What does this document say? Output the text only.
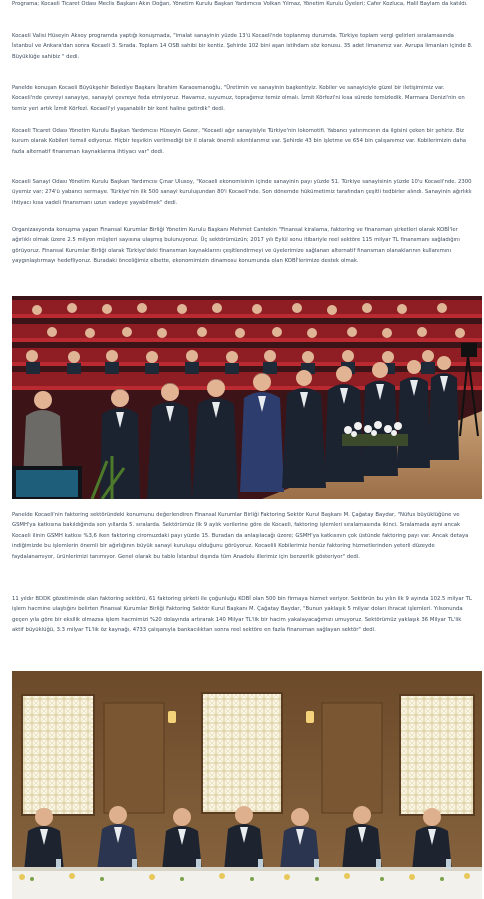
Programa; Kocaeli Ticaret Odası Meclis Başkanı Akın Doğan, Yönetim Kurulu Başkan Yardımcısı Volkan Yılmaz, Yönetim Kurulu Üyeleri; Cafer Kozluca, Halil Baylam da katıldı.

Kocaeli Valisi Hüseyin Aksoy programda yaptığı konuşmada, "imalat sanayinin yüzde 13'ü Kocaeli'nde toplanmış durumda. Türkiye toplam vergi gelirleri sıralamasında İstanbul ve Ankara'dan sonra Kocaeli 3. Sırada. Toplam 14 OSB sahibi bir kentiz. Şehirde 102 bini aşan istihdam söz konusu. 35 adet limanımız var. Avrupa limanları içinde 8. Büyüklüğe sahibiz " dedi.

Panelde konuşan Kocaeli Büyükşehir Belediye Başkanı İbrahim Karaosmanoğlu, "Üretimin ve sanayinin başkentiyiz. Kobiler ve sanayiciyle güzel bir iletişimimiz var. Kocaeli'nde çevreyi sanayiye, sanayiyi çevreye feda etmiyoruz. Havamız, suyumuz, toprağımız temiz olmalı. İzmit Körfezi'ni kısa sürede temizledik. Marmara Denizi'nin en temiz yeri artık İzmit Körfezi. Kocaeli'yi yaşanabilir bir kent haline getirdik" dedi.

Kocaeli Ticaret Odası Yönetim Kurulu Başkan Yardımcısı Hüseyin Gezer, "Kocaeli ağır sanayisiyle Türkiye'nin lokomotifi. Yabancı yatırımcının da ilgisini çeken bir şehiriz. Biz kurum olarak Kobileri temsil ediyoruz. Hiçbir teşvikin verilmediği bir il olarak önemli sıkıntılarımız var. Şehirde 43 bin işletme ve 654 bin çalışanımız var. Kobilerimizin daha fazla alternatif finansman kaynaklarına ihtiyacı var" dedi.

Kocaeli Sanayi Odası Yönetim Kurulu Başkan Yardımcısı Çınar Ulusoy, "Kocaeli ekonomisinin içinde sanayinin payı yüzde 51. Türkiye sanayisinin yüzde 10'u Kocaeli'nde. 2300 üyemiz var; 274'ü yabancı sermaye. Türkiye'nin ilk 500 sanayi kuruluşundan 80'i Kocaeli'nde. Son dönemde hükümetimiz tarafından çeşitli tedbirler alındı. Sanayinin ağırlıklı ihtiyacı kısa vadeli finansmanı uzun vadeye yayabilmek" dedi.

Organizasyonda konuşma yapan Finansal Kurumlar Birliği Yönetim Kurulu Başkanı Mehmet Cantekin "Finansal kiralama, faktoring ve finansman şirketleri olarak KOBİ'ler ağırlıklı olmak üzere 2.5 milyon müşteri sayısına ulaşmış bulunuyoruz. Üç sektörümüzün; 2017 yılı Eylül sonu itibariyle reel sektöre 115 milyar TL finansmanı sağladığını görüyoruz. Finansal Kurumlar Birliği olarak Türkiye'deki finansman kaynaklarını çeşitlendirmeyi ve üyelerimize sağlanan alternatif finansman olanaklarının kullanımını yaygınlaştırmayı hedefliyoruz. Buradaki önceliğimiz elbette, ekonomimizin dinamosu konumunda olan KOBİ'lerimize destek olmak.

Panelde Kocaeli'nin faktoring sektöründeki konumunu değerlendiren Finansal Kurumlar Birliği Faktoring Sektör Kurul Başkanı M. Çağatay Baydar, "Nüfus büyüklüğüne ve GSMH'ya katkısına bakıldığında son yıllarda 5. sıralarda. Sektörümüz ilk 9 aylık verilerine göre de Kocaeli, faktoring işlemleri sıralamasında ikinci. Sıralamada ayni ancak Kocaeli ilinin GSMH katkısı %3,6 iken faktoring ciromuzdaki payı yüzde 15. Buradan da anlaşılacağı üzere; GSMH'ya katkısının çok üstünde faktoring payı var. Ancak detaya indiğimizde bu işlemlerin önemli bir ağırlığının büyük sanayi kuruluşu olduğunu görüyoruz. Kocaelili Kobilerimiz henüz faktoring hizmetlerinden yeterli düzeyde faydalanamıyor, ürünlerimizi tanımıyor. Genel olarak bu tablo İstanbul dışında tüm Anadolu illerimiz için benzerlik gösteriyor" dedi.

11 yıldır BDDK gözetiminde olan faktoring sektörü, 61 faktoring şirketi ile çoğunluğu KOBİ olan 500 bin firmaya hizmet veriyor. Sektörün bu yılın ilk 9 ayında 102.5 milyar TL işlem hacmine ulaştığını belirten Finansal Kurumlar Birliği Faktoring Sektör Kurul Başkanı M. Çağatay Baydar, "Bunun yaklaşık 5 milyar doları ihracat işlemleri. Yılsonunda geçen yıla göre bir eksilik olmazsa işlem hacmimizi %20 dolayında artırarak 140 Milyar TL'lik bir hacim yakalayacağımızı umuyoruz. Sektörümüz yaklaşık 36 Milyar TL'lik aktif büyüklüğü, 3.3 milyar TL'lik öz kaynağı, 4733 çalışanıyla bankacılıktan sonra reel sektöre en fazla finansman sağlayan sektör" dedi.
